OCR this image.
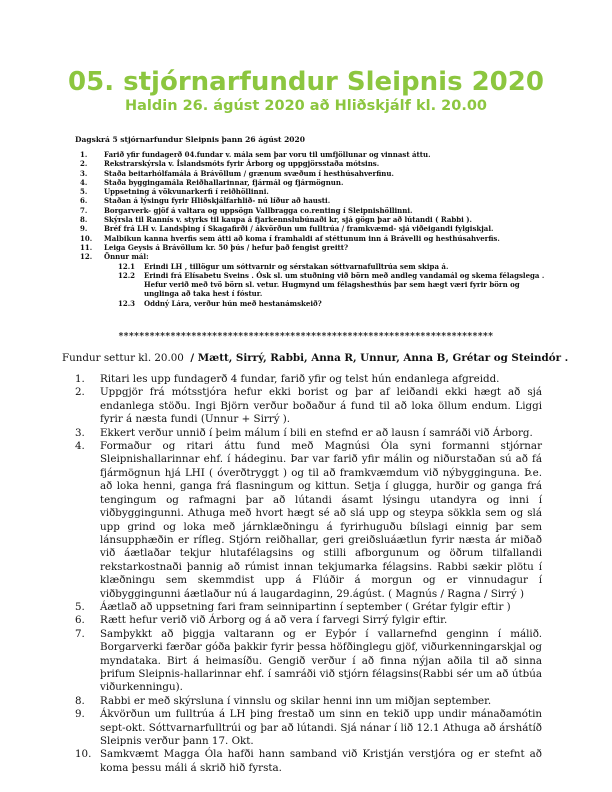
05. stjórnarfundur Sleipnis 2020
Haldin 26. ágúst 2020 að Hliðskjálf kl. 20.00

Dagskrá 5 stjórnarfundur Sleipnis þann 26 ágúst 2020

1.	Farið yfir fundagerð 04.fundar v. mála sem þar voru til umfjöllunar og vinnast áttu.
2.	Rekstrarskýrsla v. Íslandsmóts fyrir Árborg og uppgjörsstaða mótsins.
3.	Staða beitarhólfamála á Brávöllum / grænum svæðum í hesthúsahverfinu.
4.	Staða byggingamála Reiðhallarinnar, fjármál og fjármögnun.
5.	Uppsetning á vökvunarkerfi í reiðhöllinni.
6.	Staðan á lýsingu fyrir Hliðskjálfarhlið- nú líður að hausti.
7.	Borgarverk- gjöf á valtara og uppsögn Vallbragga co.renting í Sleipnishöllinni.
8.	Skýrsla til Rannís v. styrks til kaupa á fjarkennslubúnaði kr, sjá gögn þar að lútandi ( Rabbi ).
9.	Bréf frá LH v. Landsþing í Skagafirði / ákvörðun um fulltrúa / framkvæmd- sjá viðeigandi fylgiskjal.
10.	Malbikun kanna hverfis sem átti að koma í framhaldi af stéttunum inn á Brávelli og hesthúsahverfis.
11.	Leiga Geysis á Brávöllum kr. 50 þús / hefur það fengist greitt?
12.	Önnur mál:
12.1	Erindi LH , tillögur um sóttvarnir og sérstakan sóttvarnafulltrúa sem skipa á.
12.2	Erindi frá Elísabetu Sveins . Ósk sl. um stuðning við börn með andleg vandamál og skema félagslega . Hefur verið með tvö börn sl. vetur. Hugmynd um félagshesthús þar sem hægt væri fyrir börn og unglinga að taka hest í fóstur.
12.3	Oddný Lára, verður hún með hestanámskeið?
************************************************************************

Fundur settur kl. 20.00 / Mætt, Sirrý, Rabbi, Anna R, Unnur, Anna B, Grétar og Steindór .

1.	Ritari les upp fundagerð 4 fundar, farið yfir og telst hún endanlega afgreidd.
2.	Uppgjör frá mótsstjóra hefur ekki borist og þar af leiðandi ekki hægt að sjá endanlega stöðu. Ingi Björn verður boðaður á fund til að loka öllum endum. Liggi fyrir á næsta fundi (Unnur + Sirrý ).
3.	Ekkert verður unnið í þeim málum í bili en stefnd er að lausn í samráði við Árborg.
4.	Formaður og ritari áttu fund með Magnúsi Óla syni formanni stjórnar Sleipnishallarinnar ehf. í hádeginu. Þar var farið yfir málin og niðurstaðan sú að fá fjármögnun hjá LHI ( óverðtryggt ) og til að framkvæmdum við nýbygginguna. Þ.e. að loka henni, ganga frá flasningum og kittun. Setja í glugga, hurðir og ganga frá tengingum og rafmagni þar að lútandi ásamt lýsingu utandyra og inni í viðbyggingunni. Athuga með hvort hægt sé að slá upp og steypa sökkla sem og slá upp grind og loka með járnklæðningu á fyrirhuguðu bílslagi einnig þar sem lánsupphæðin er rífleg. Stjórn reiðhallar, geri greiðsluáætlun fyrir næsta ár miðað við áætlaðar tekjur hlutafélagsins og stilli afborgunum og öðrum tilfallandi rekstarkostnaði þannig að rúmist innan tekjumarka félagsins. Rabbi sækir plötu í klæðningu sem skemmdist upp á Flúðir á morgun og er vinnudagur í viðbyggingunni áætlaður nú á laugardaginn, 29.ágúst. ( Magnús / Ragna / Sirrý )
5.	Áætlað að uppsetning fari fram seinnipartinn í september ( Grétar fylgir eftir )
6.	Rætt hefur verið við Árborg og á að vera í farvegi Sirrý fylgir eftir.
7.	Samþykkt að þiggja valtarann og er Eyþór í vallarnefnd genginn í málið. Borgarverki færðar góða þakkir fyrir þessa höfðinglegu gjöf, viðurkenningarskjal og myndataka. Birt á heimasíðu. Gengið verður í að finna nýjan aðila til að sinna þrifum Sleipnis-hallarinnar ehf. í samráði við stjórn félagsins(Rabbi sér um að útbúa viðurkenningu).
8.	Rabbi er með skýrsluna í vinnslu og skilar henni inn um miðjan september.
9.	Ákvörðun um fulltrúa á LH þing frestað um sinn en tekið upp undir mánaðamótin sept-okt. Sóttvarnarfulltrúi og þar að lútandi. Sjá nánar í lið 12.1 Athuga að árshátíð Sleipnis verður þann 17. Okt.
10. Samkvæmt Magga Óla hafði hann samband við Kristján verstjóra og er stefnt að koma þessu máli á skrið hið fyrsta.
